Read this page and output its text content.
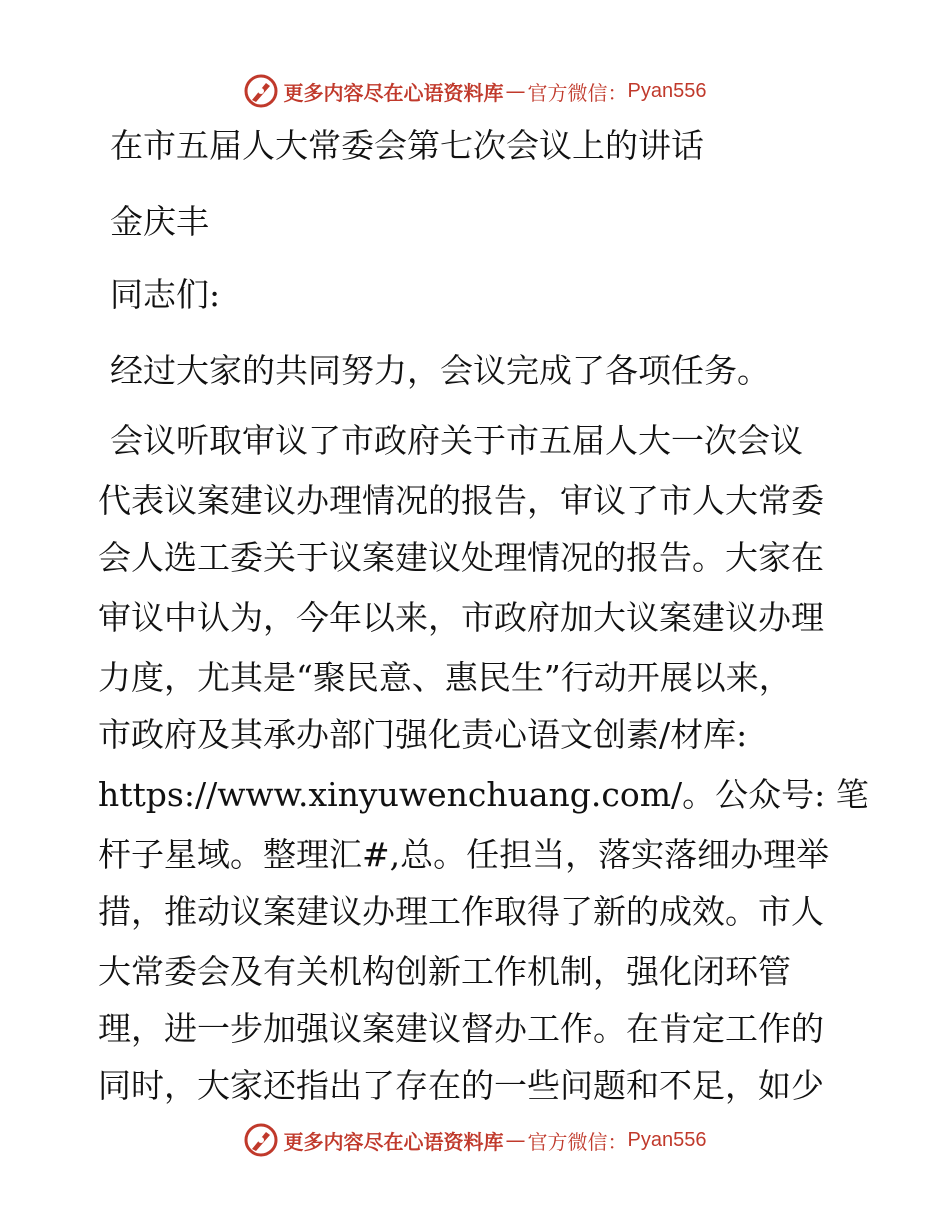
更多内容尽在心语资料库 — 官方微信： Pyan556
在市五届人大常委会第七次会议上的讲话
金庆丰
同志们:
经过大家的共同努力，会议完成了各项任务。
会议听取审议了市政府关于市五届人大一次会议
代表议案建议办理情况的报告，审议了市人大常委
会人选工委关于议案建议处理情况的报告。大家在
审议中认为，今年以来，市政府加大议案建议办理
力度，尤其是“聚民意、惠民生”行动开展以来，
市政府及其承办部门强化责心语文创素/材库:
https://www.xinyuwenchuang.com/。公众号: 笔
杆子星域。整理汇#,总。任担当，落实落细办理举
措，推动议案建议办理工作取得了新的成效。市人
大常委会及有关机构创新工作机制，强化闭环管
理，进一步加强议案建议督办工作。在肯定工作的
同时，大家还指出了存在的一些问题和不足，如少
更多内容尽在心语资料库 — 官方微信： Pyan556
